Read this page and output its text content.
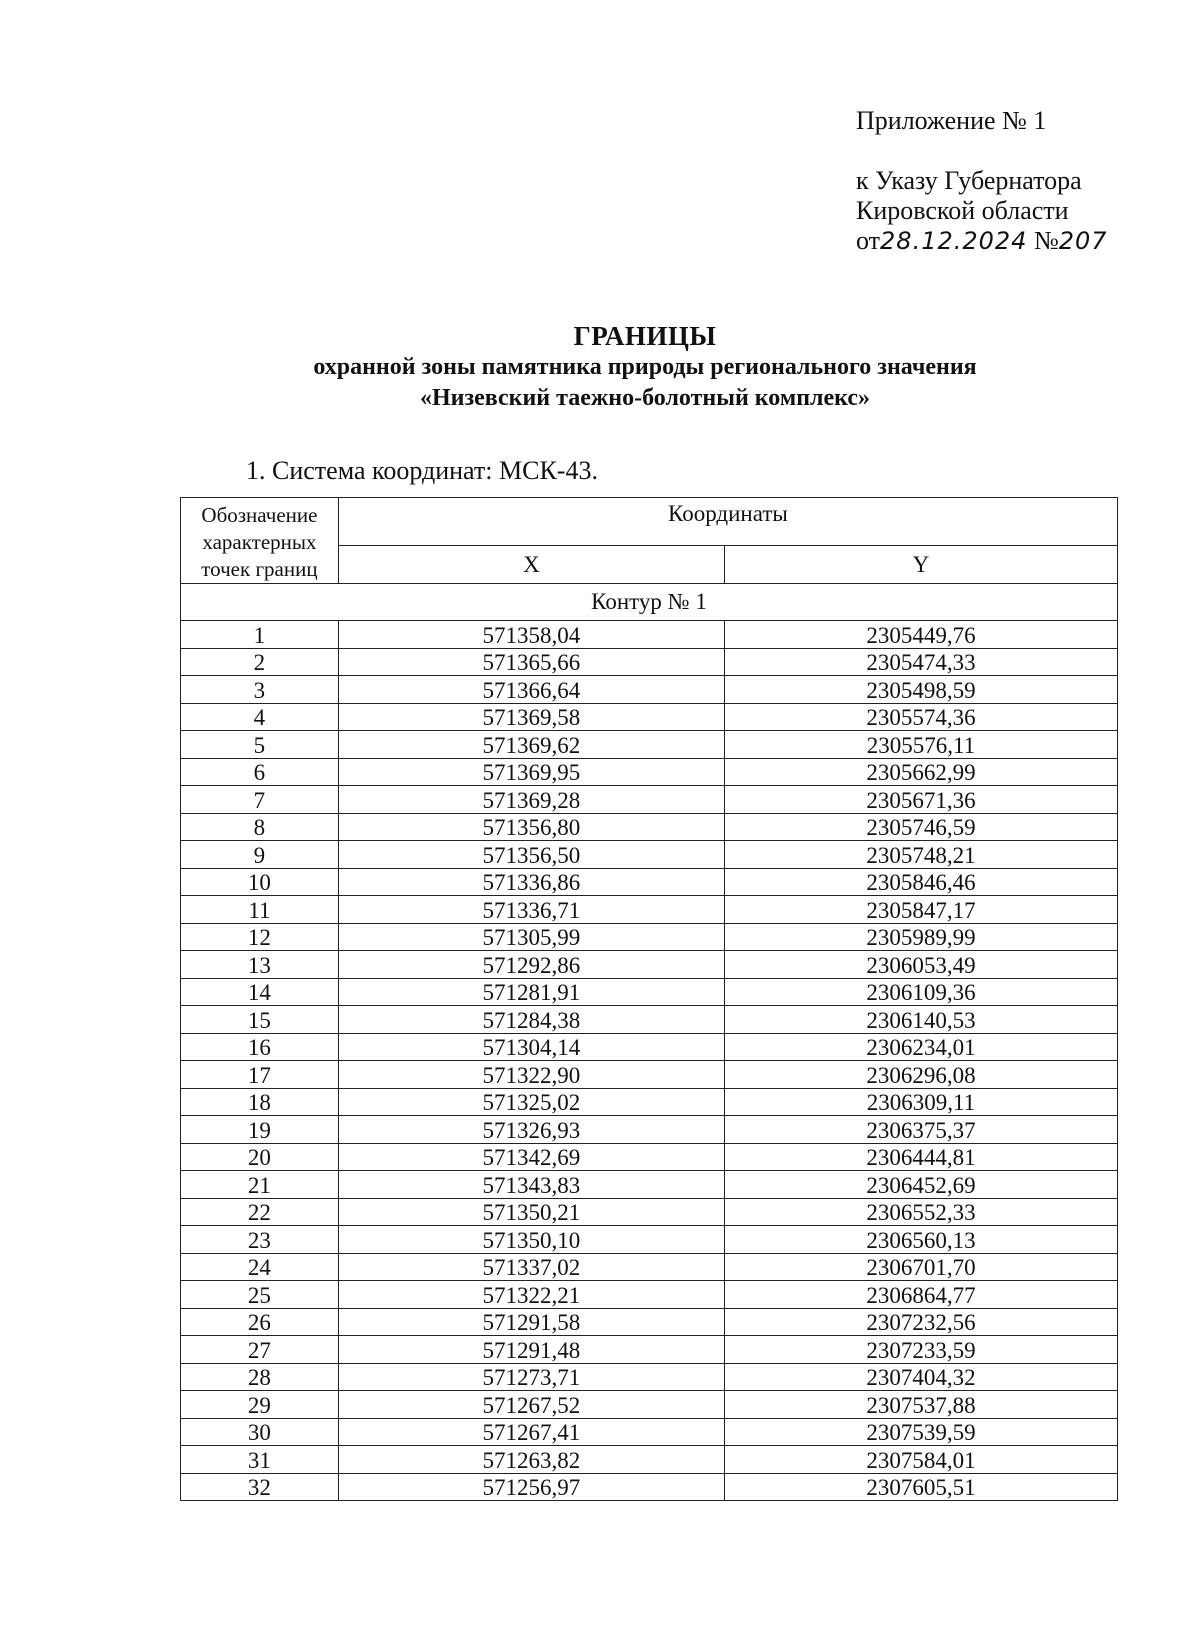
Приложение № 1
к Указу Губернатора
Кировской области
от28.12.2024 №207
ГРАНИЦЫ
охранной зоны памятника природы регионального значения
«Низевский таежно-болотный комплекс»
1. Система координат: МСК-43.
Обозначение характерных точек границ	Координаты	
	X	Y
Контур № 1		
1	571358,04	2305449,76
2	571365,66	2305474,33
3	571366,64	2305498,59
4	571369,58	2305574,36
5	571369,62	2305576,11
6	571369,95	2305662,99
7	571369,28	2305671,36
8	571356,80	2305746,59
9	571356,50	2305748,21
10	571336,86	2305846,46
11	571336,71	2305847,17
12	571305,99	2305989,99
13	571292,86	2306053,49
14	571281,91	2306109,36
15	571284,38	2306140,53
16	571304,14	2306234,01
17	571322,90	2306296,08
18	571325,02	2306309,11
19	571326,93	2306375,37
20	571342,69	2306444,81
21	571343,83	2306452,69
22	571350,21	2306552,33
23	571350,10	2306560,13
24	571337,02	2306701,70
25	571322,21	2306864,77
26	571291,58	2307232,56
27	571291,48	2307233,59
28	571273,71	2307404,32
29	571267,52	2307537,88
30	571267,41	2307539,59
31	571263,82	2307584,01
32	571256,97	2307605,51
